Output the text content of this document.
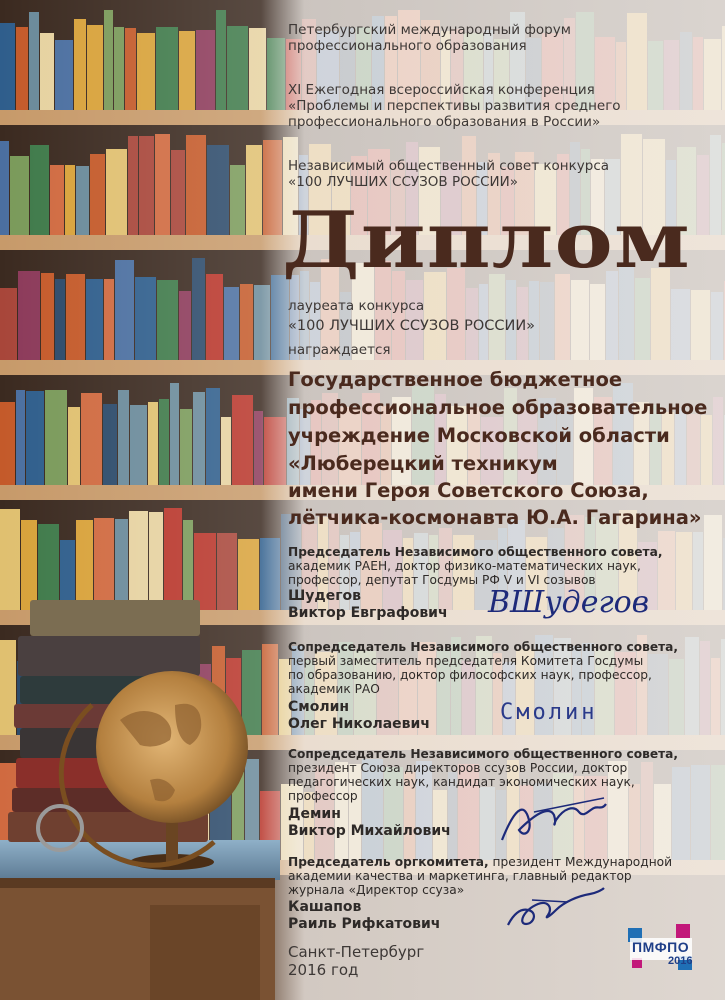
Петербургский международный форум
профессионального образования
XI Ежегодная всероссийская конференция
«Проблемы и перспективы развития среднего
профессионального образования в России»
Независимый общественный совет конкурса
«100 ЛУЧШИХ ССУЗОВ РОССИИ»
Диплом
лауреата конкурса
«100 ЛУЧШИХ ССУЗОВ РОССИИ»
награждается
Государственное бюджетное
профессиональное образовательное
учреждение Московской области
«Люберецкий техникум
имени Героя Советского Союза,
лётчика-космонавта Ю.А. Гагарина»
Председатель Независимого общественного совета,
академик РАЕН, доктор физико-математических наук,
профессор, депутат Госдумы РФ V и VI созывов
Шудегов
Виктор Евграфович ВШудегов
Сопредседатель Независимого общественного совета,
первый заместитель председателя Комитета Госдумы
по образованию, доктор философских наук, профессор,
академик РАО
Смолин
Олег Николаевич	Смолин
Сопредседатель Независимого общественного совета,
президент Союза директоров ссузов России, доктор
педагогических наук, кандидат экономических наук,
профессор
Демин
Виктор Михайлович
Председатель оргкомитета, президент Международной
академии качества и маркетинга, главный редактор
журнала «Директор ссуза»
Кашапов
Раиль Рифкатович
Санкт-Петербург
2016 год
ПМФПО
2016
